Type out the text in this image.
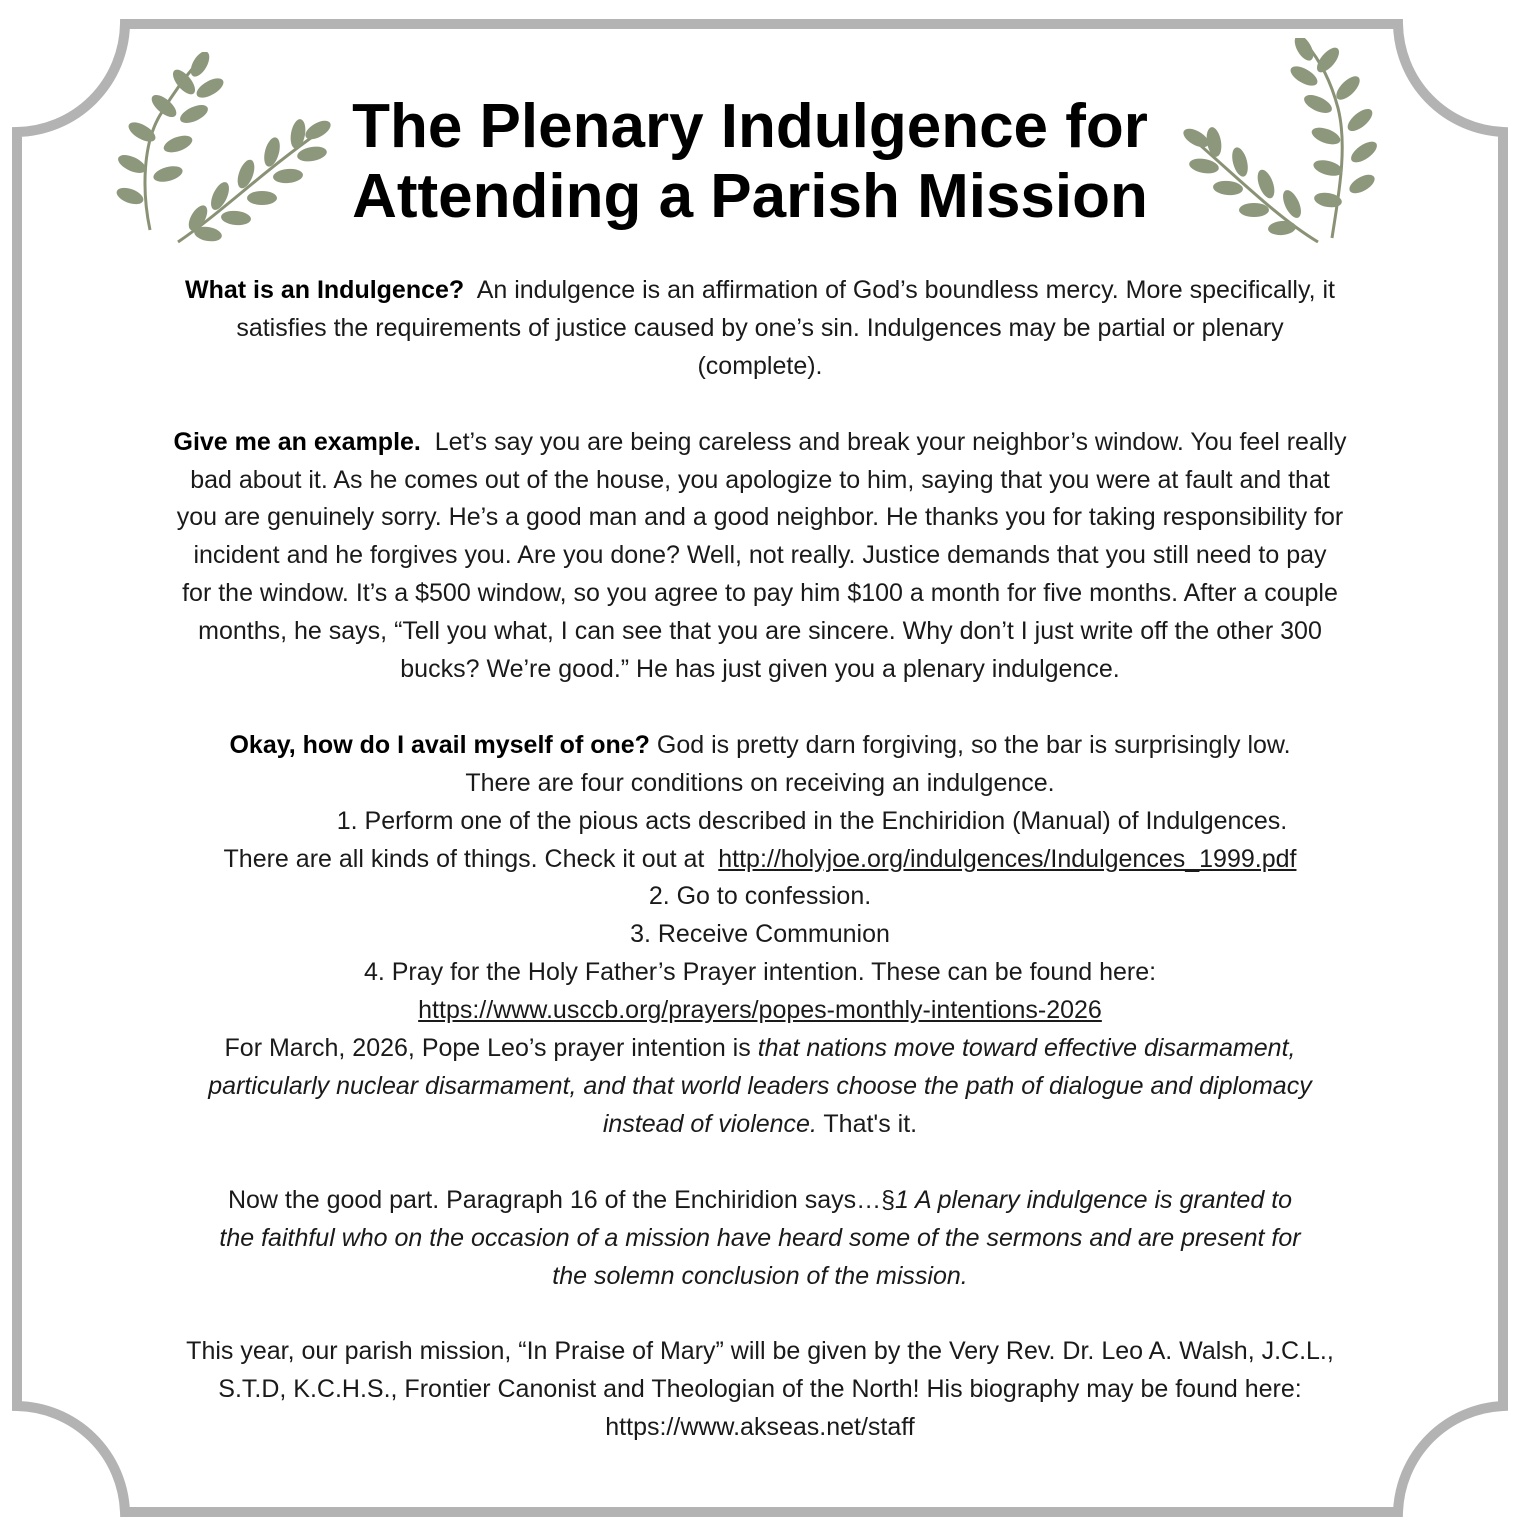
The Plenary Indulgence for
Attending a Parish Mission

What is an Indulgence? An indulgence is an affirmation of God’s boundless mercy. More specifically, it
satisfies the requirements of justice caused by one’s sin. Indulgences may be partial or plenary
(complete).

Give me an example. Let’s say you are being careless and break your neighbor’s window. You feel really
bad about it. As he comes out of the house, you apologize to him, saying that you were at fault and that
you are genuinely sorry. He’s a good man and a good neighbor. He thanks you for taking responsibility for
incident and he forgives you. Are you done? Well, not really. Justice demands that you still need to pay
for the window. It’s a $500 window, so you agree to pay him $100 a month for five months. After a couple
months, he says, “Tell you what, I can see that you are sincere. Why don’t I just write off the other 300
bucks? We’re good.” He has just given you a plenary indulgence.

Okay, how do I avail myself of one? God is pretty darn forgiving, so the bar is surprisingly low.
There are four conditions on receiving an indulgence.
1. Perform one of the pious acts described in the Enchiridion (Manual) of Indulgences.
There are all kinds of things. Check it out at http://holyjoe.org/indulgences/Indulgences_1999.pdf
2. Go to confession.
3. Receive Communion
4. Pray for the Holy Father’s Prayer intention. These can be found here:
https://www.usccb.org/prayers/popes-monthly-intentions-2026
For March, 2026, Pope Leo’s prayer intention is that nations move toward effective disarmament,
particularly nuclear disarmament, and that world leaders choose the path of dialogue and diplomacy
instead of violence. That's it.

Now the good part. Paragraph 16 of the Enchiridion says…§1 A plenary indulgence is granted to
the faithful who on the occasion of a mission have heard some of the sermons and are present for
the solemn conclusion of the mission.

This year, our parish mission, “In Praise of Mary” will be given by the Very Rev. Dr. Leo A. Walsh, J.C.L.,
S.T.D, K.C.H.S., Frontier Canonist and Theologian of the North! His biography may be found here:
https://www.akseas.net/staff
